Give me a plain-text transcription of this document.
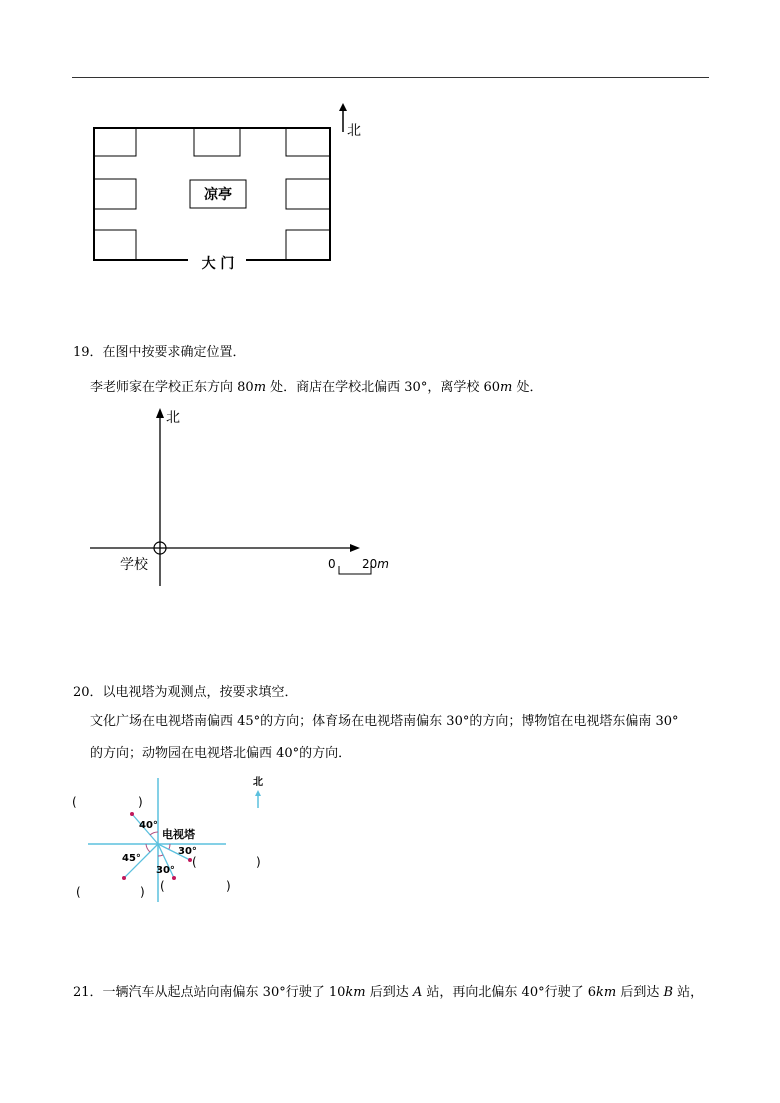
凉亭
大 门
北
19．在图中按要求确定位置．
李老师家在学校正东方向 80m 处．商店在学校北偏西 30°，离学校 60m 处．
北
学校	0 20m
20．以电视塔为观测点，按要求填空．
文化广场在电视塔南偏西 45°的方向；体育场在电视塔南偏东 30°的方向；博物馆在电视塔东偏南 30°
的方向；动物园在电视塔北偏西 40°的方向．
电视塔
40°
45°
30°
30°
(	)
(	)
(	)
(	)
北
21．一辆汽车从起点站向南偏东 30°行驶了 10km 后到达 A 站，再向北偏东 40°行驶了 6km 后到达 B 站，
